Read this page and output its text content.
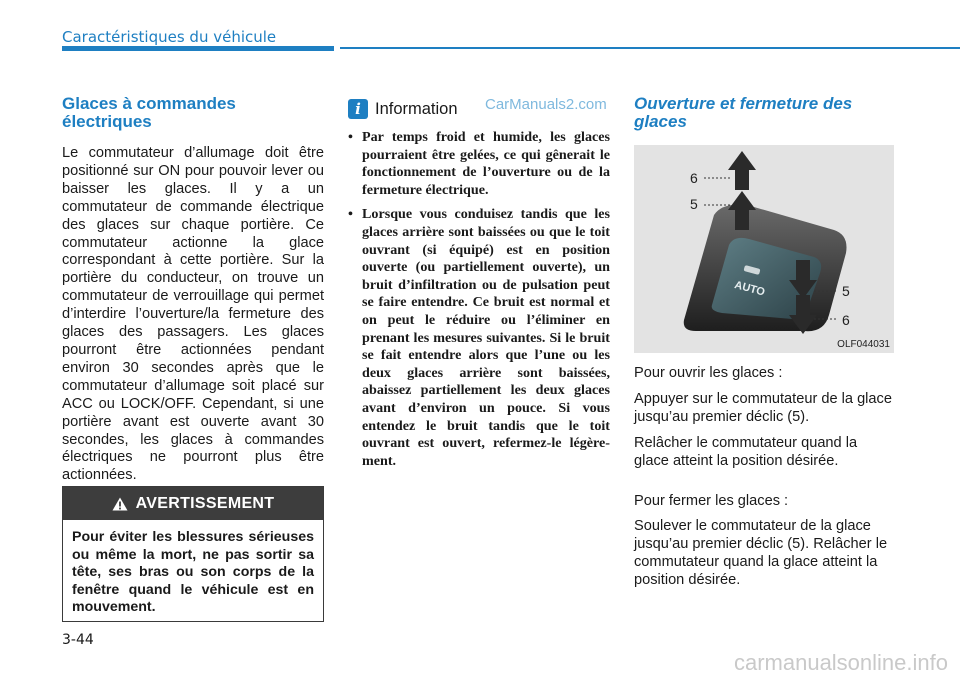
Caractéristiques du véhicule
Glaces à commandes électriques

Le commutateur d’allumage doit être positionné sur ON pour pouvoir lever ou baisser les glaces. Il y a un commutateur de commande électrique des glaces sur chaque portière. Ce commutateur actionne la glace correspondant à cette portière. Sur la portière du conducteur, on trouve un commutateur de verrouillage qui permet d’interdire l’ouverture/la fermeture des glaces des passagers. Les glaces pourront être actionnées pendant environ 30 secondes après que le commutateur d’allumage soit placé sur ACC ou LOCK/OFF. Cependant, si une portière avant est ouverte avant 30 secondes, les glaces à commandes électriques ne pourront plus être actionnées.

AVERTISSEMENT

Pour éviter les blessures sérieuses ou même la mort, ne pas sortir sa tête, ses bras ou son corps de la fenêtre quand le véhicule est en mouvement.

i Information CarManuals2.com
• Par temps froid et humide, les glaces pourraient être gelées, ce qui gênerait le fonctionnement de l’ouverture ou de la fermeture électrique.
• Lorsque vous conduisez tandis que les glaces arrière sont baissées ou que le toit ouvrant (si équipé) est en position ouverte (ou partiellement ouverte), un bruit d’infiltration ou de pulsation peut se faire entendre. Ce bruit est normal et on peut le réduire ou l’éliminer en prenant les mesures suivantes. Si le bruit se fait entendre alors que l’une ou les deux glaces arrière sont baissées, abaissez partiellement les deux glaces avant d’environ un pouce. Si vous entendez le bruit tandis que le toit ouvrant est ouvert, refermez-le légère-ment.
Ouverture et fermeture des glaces
AUTO
6
5
5
6
OLF044031

Pour ouvrir les glaces :

Appuyer sur le commutateur de la glace jusqu’au premier déclic (5).

Relâcher le commutateur quand la glace atteint la position désirée.

Pour fermer les glaces :

Soulever le commutateur de la glace jusqu’au premier déclic (5). Relâcher le commutateur quand la glace atteint la position désirée.

3-44
carmanualsonline.info
